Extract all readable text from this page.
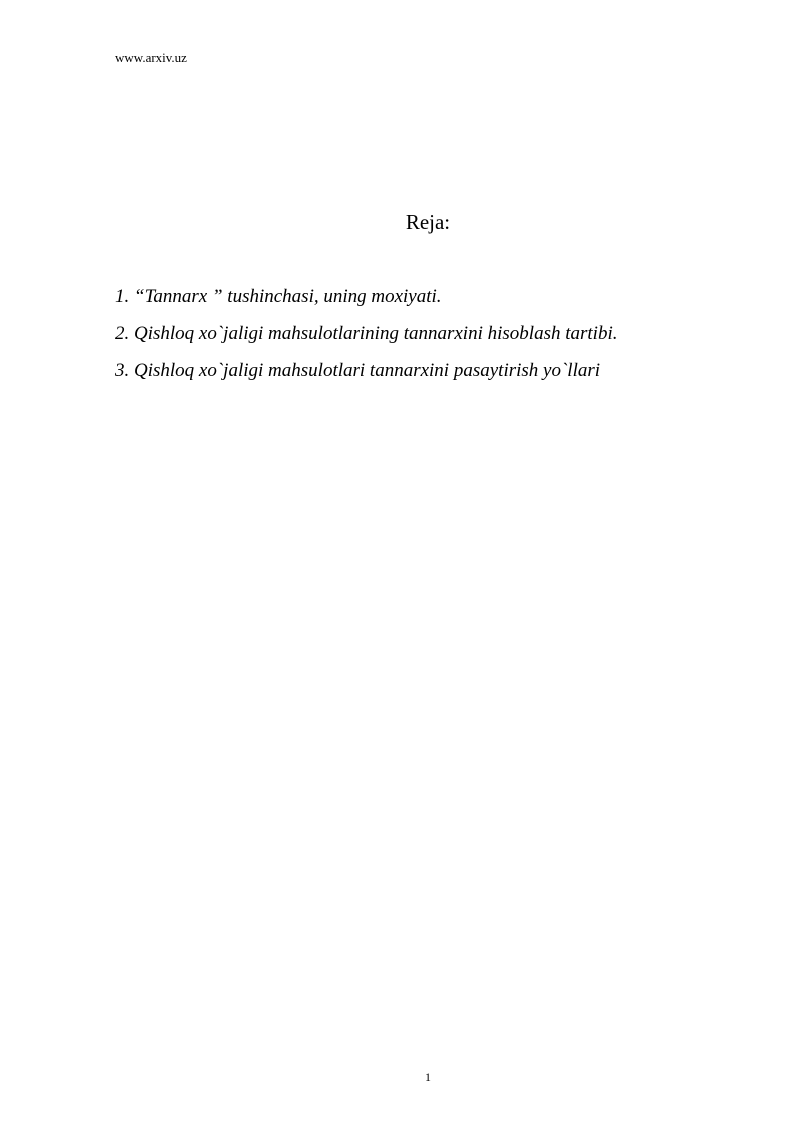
www.arxiv.uz
Reja:
1. “Tannarx ” tushinchasi, uning moxiyati.
2. Qishloq xo`jaligi mahsulotlarining tannarxini hisoblash tartibi.
3. Qishloq xo`jaligi mahsulotlari tannarxini pasaytirish yo`llari
1
